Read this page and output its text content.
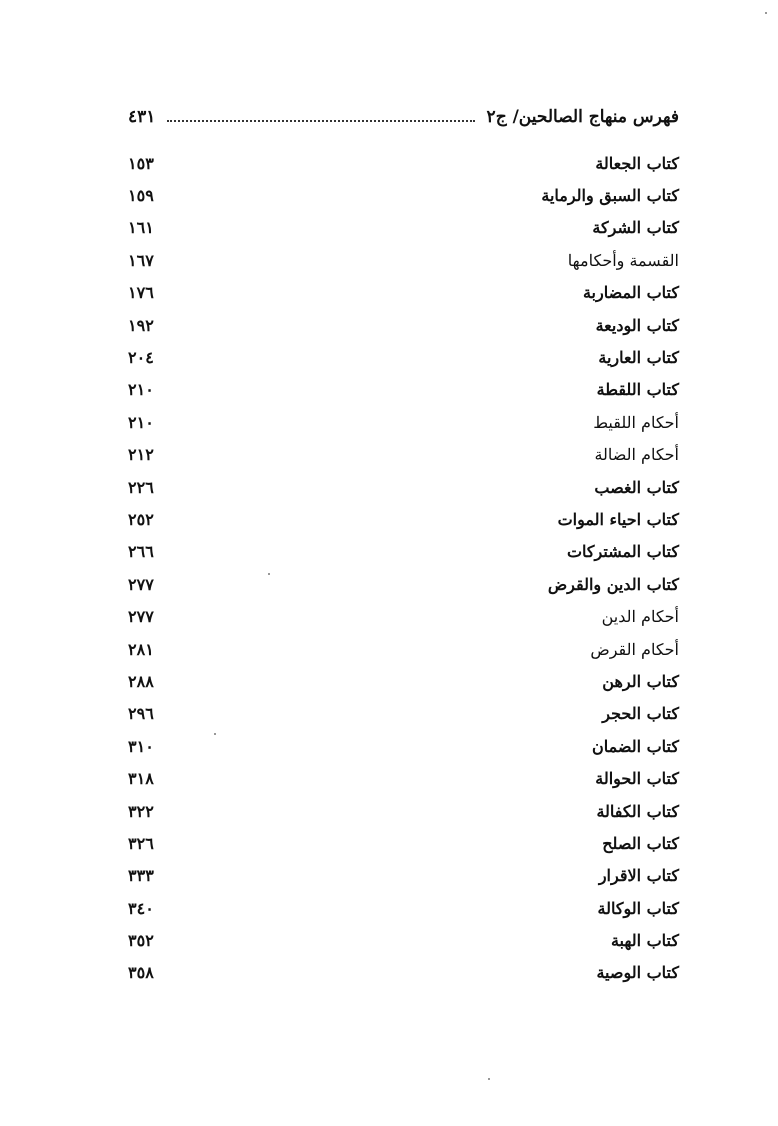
فهرس منهاج الصالحين/ ج٢
٤٣١
كتاب الجعالة
١٥٣
كتاب السبق والرماية
١٥٩
كتاب الشركة
١٦١
القسمة وأحكامها
١٦٧
كتاب المضاربة
١٧٦
كتاب الوديعة
١٩٢
كتاب العارية
٢٠٤
كتاب اللقطة
٢١٠
أحكام اللقيط
٢١٠
أحكام الضالة
٢١٢
كتاب الغصب
٢٢٦
كتاب احياء الموات
٢٥٢
كتاب المشتركات
٢٦٦
كتاب الدين والقرض
٢٧٧
أحكام الدين
٢٧٧
أحكام القرض
٢٨١
كتاب الرهن
٢٨٨
كتاب الحجر
٢٩٦
كتاب الضمان
٣١٠
كتاب الحوالة
٣١٨
كتاب الكفالة
٣٢٢
كتاب الصلح
٣٢٦
كتاب الاقرار
٣٣٣
كتاب الوكالة
٣٤٠
كتاب الهبة
٣٥٢
كتاب الوصية
٣٥٨
